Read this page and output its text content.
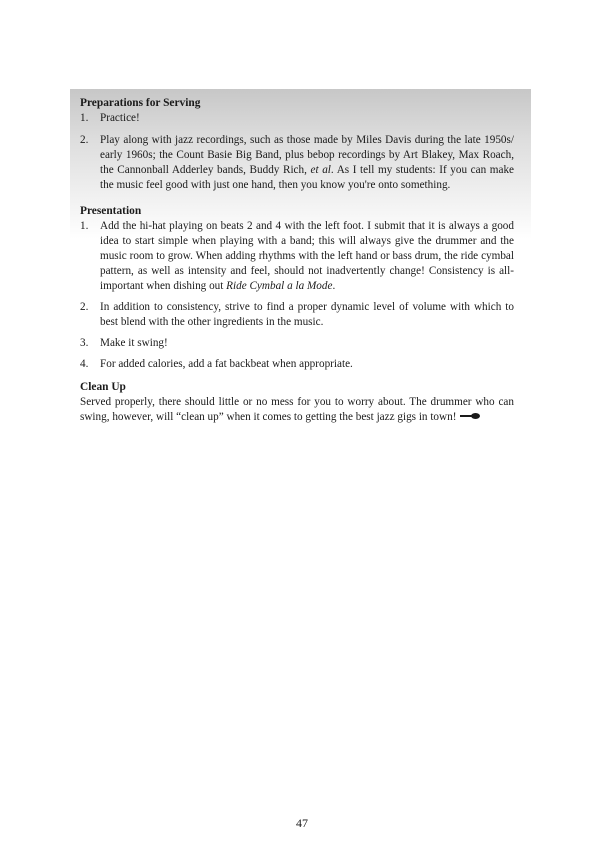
Preparations for Serving
1. Practice!
2. Play along with jazz recordings, such as those made by Miles Davis during the late 1950s/ early 1960s; the Count Basie Big Band, plus bebop recordings by Art Blakey, Max Roach, the Cannonball Adderley bands, Buddy Rich, et al. As I tell my students: If you can make the music feel good with just one hand, then you know you're onto something.
Presentation
1. Add the hi-hat playing on beats 2 and 4 with the left foot. I submit that it is always a good idea to start simple when playing with a band; this will always give the drummer and the music room to grow. When adding rhythms with the left hand or bass drum, the ride cymbal pattern, as well as intensity and feel, should not inadvertently change! Consistency is all-important when dishing out Ride Cymbal a la Mode.
2. In addition to consistency, strive to find a proper dynamic level of volume with which to best blend with the other ingredients in the music.
3. Make it swing!
4. For added calories, add a fat backbeat when appropriate.
Clean Up

Served properly, there should little or no mess for you to worry about. The drummer who can swing, however, will “clean up” when it comes to getting the best jazz gigs in town!

47
